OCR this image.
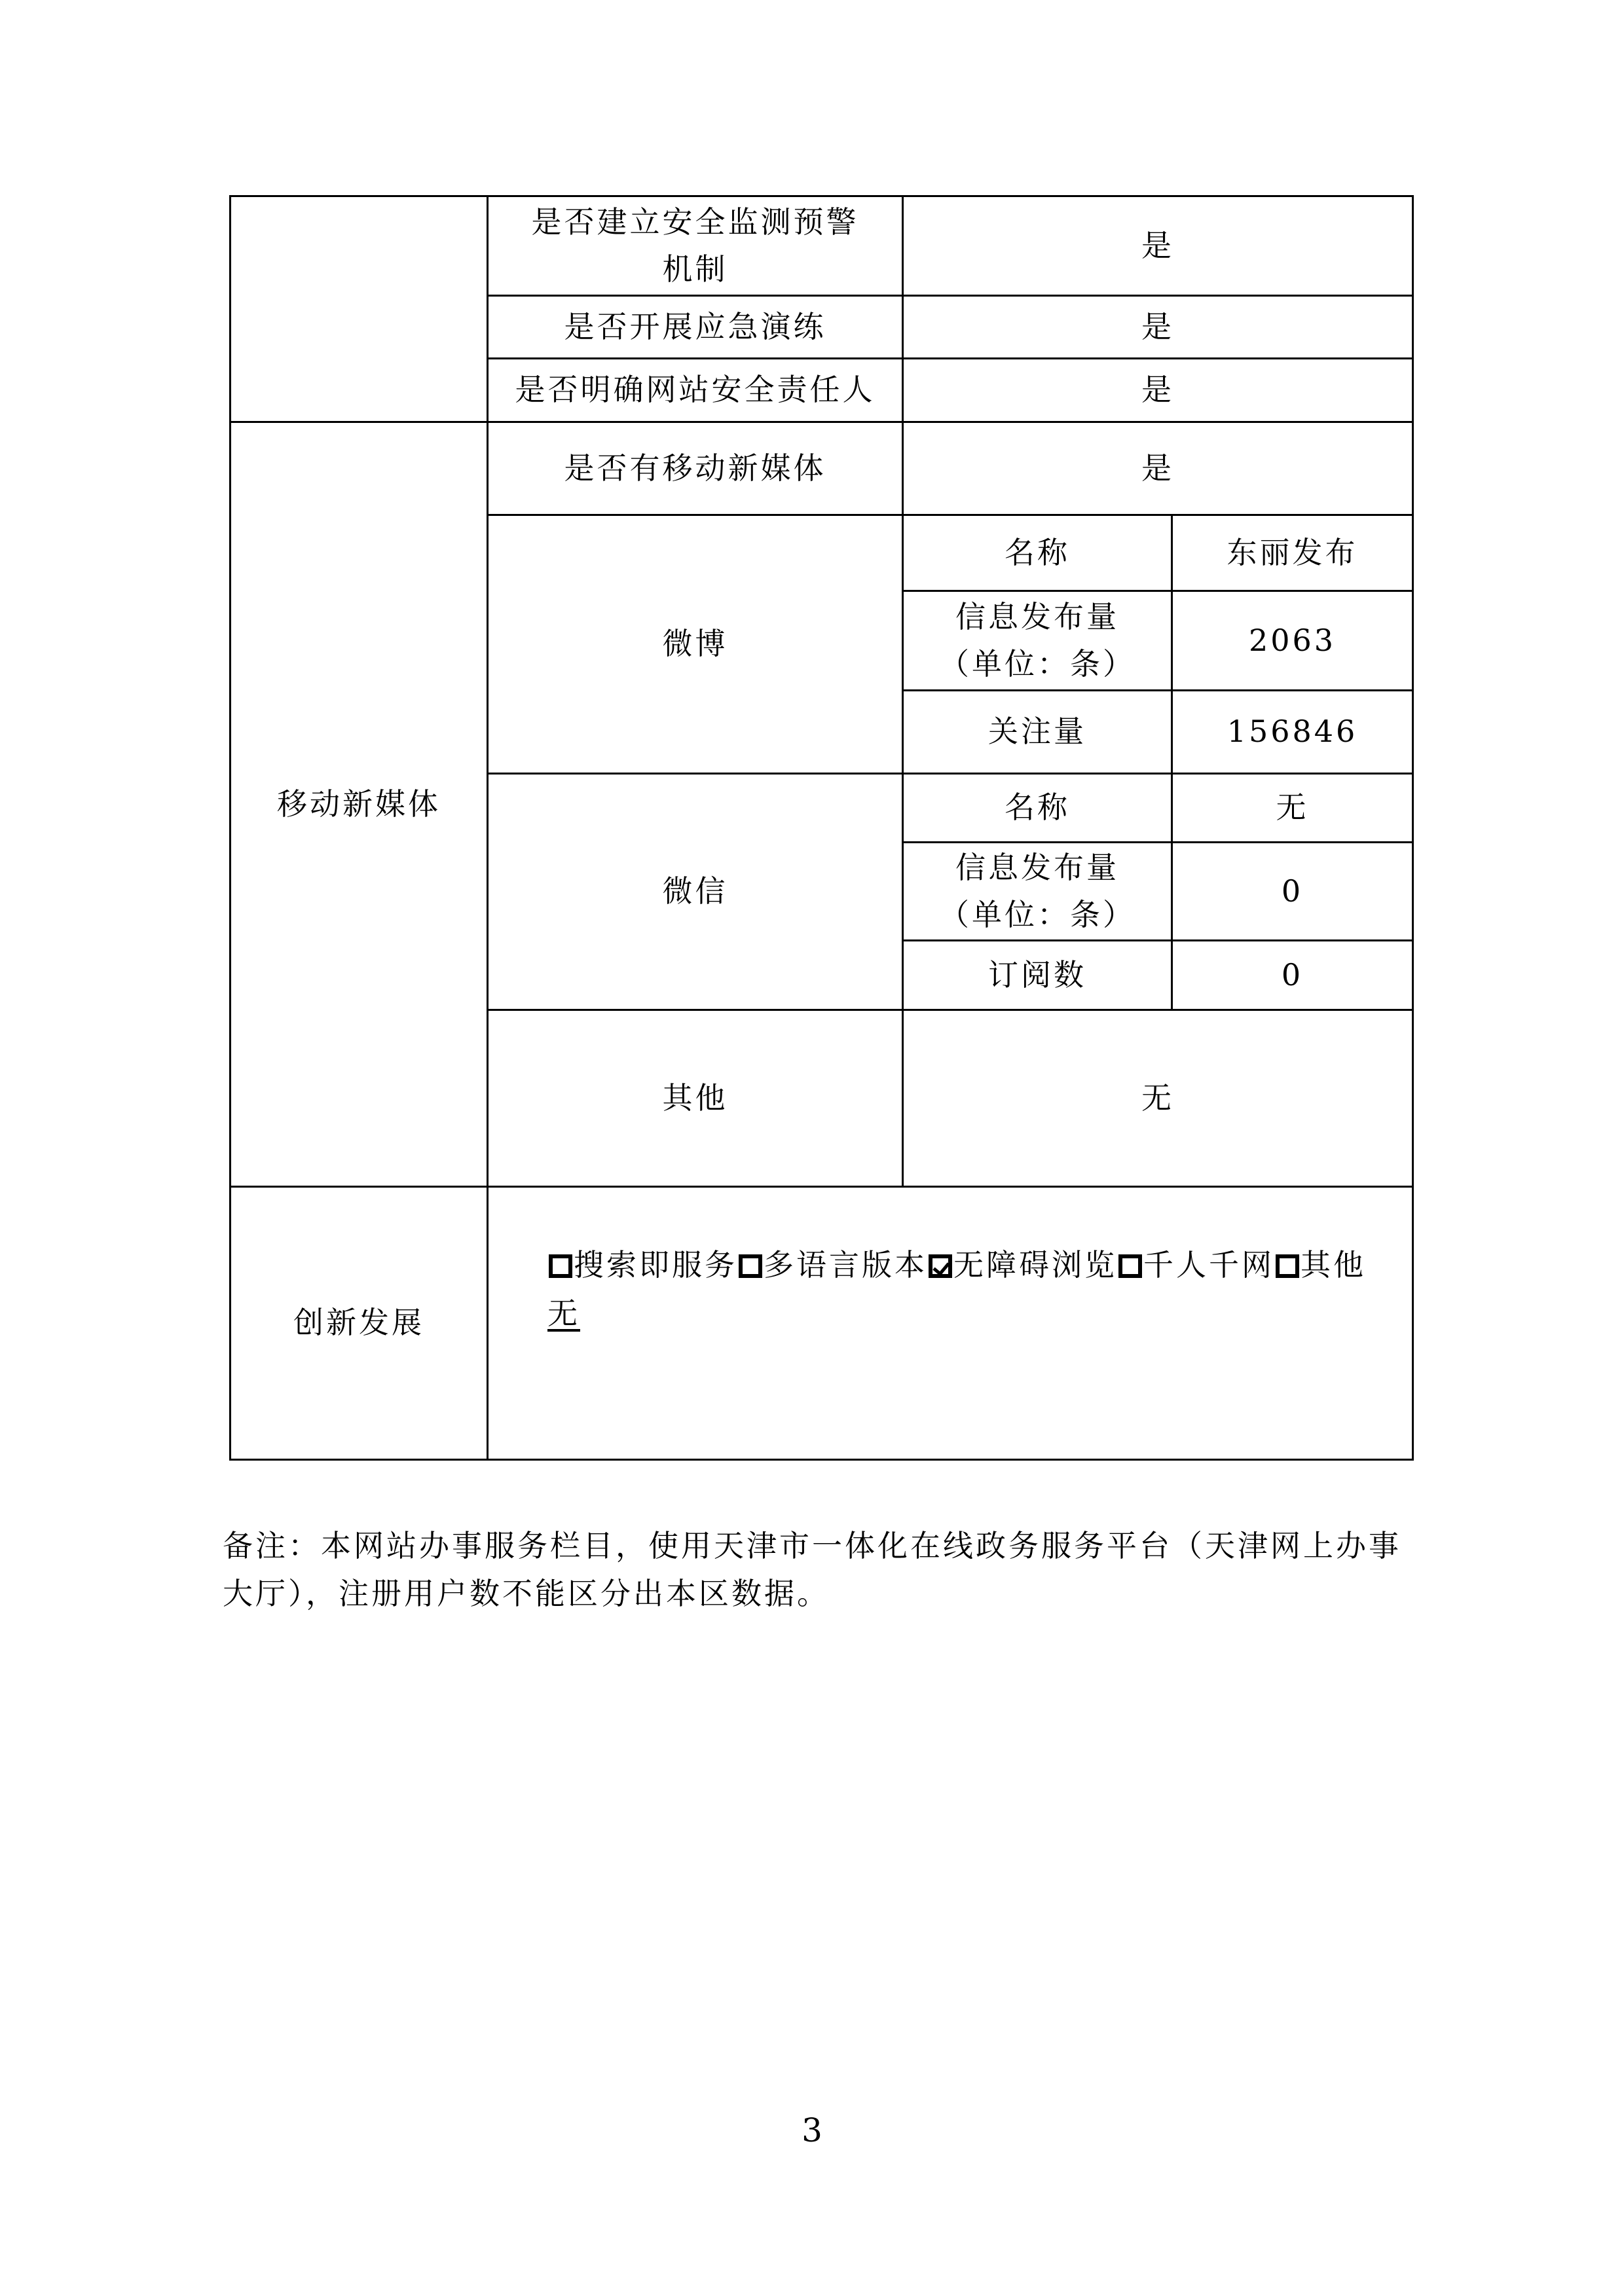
	是否建立安全监测预警
机制	是	
	是否开展应急演练	是	
	是否明确网站安全责任人	是	
移动新媒体	是否有移动新媒体	是	
	微博	名称	东丽发布
		信息发布量
（单位：条）	2063
		关注量	156846
	微信	名称	无
		信息发布量
（单位：条）	0
		订阅数	0
	其他	无	
创新发展	搜索即服务 多语言版本 无障碍浏览 千人千网 其他
无		
备注：本网站办事服务栏目，使用天津市一体化在线政务服务平台（天津网上办事大厅），注册用户数不能区分出本区数据。
3
